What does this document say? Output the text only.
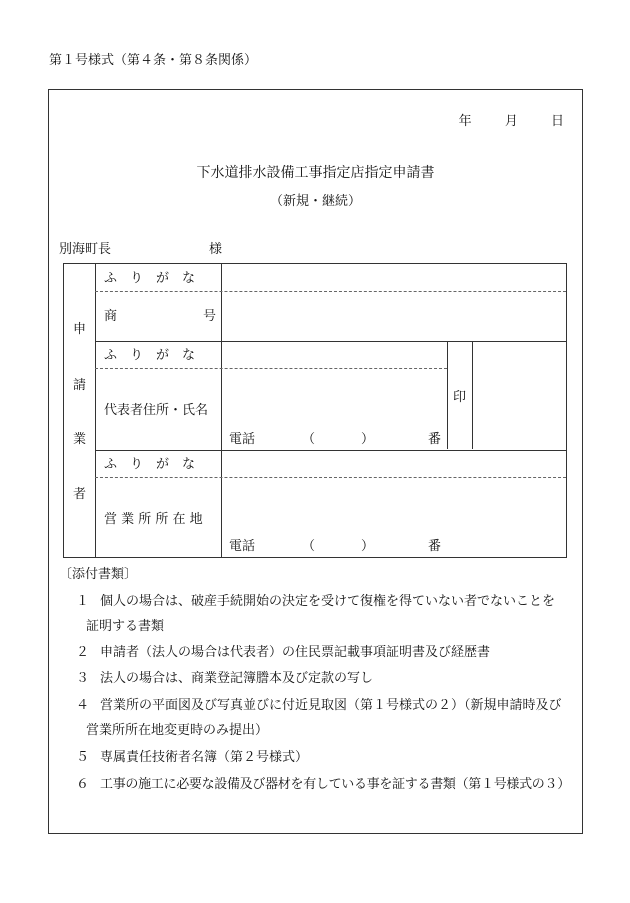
第１号様式（第４条・第８条関係）
年	月	日
下水道排水設備工事指定店指定申請書
（新規・継続）
別海町長	様
申
請
業
者
ふ　り　が　な
商	号
ふ　り　が　な
代表者住所・氏名
電話	（	）	番
印
ふ　り　が　な
営 業 所 所 在 地
電話	（	）	番
〔添付書類〕
１ 個人の場合は、破産手続開始の決定を受けて復権を得ていない者でないことを
証明する書類
２ 申請者（法人の場合は代表者）の住民票記載事項証明書及び経歴書
３ 法人の場合は、商業登記簿謄本及び定款の写し
４ 営業所の平面図及び写真並びに付近見取図（第１号様式の２）（新規申請時及び
営業所所在地変更時のみ提出）
５ 専属責任技術者名簿（第２号様式）
６ 工事の施工に必要な設備及び器材を有している事を証する書類（第１号様式の３）
